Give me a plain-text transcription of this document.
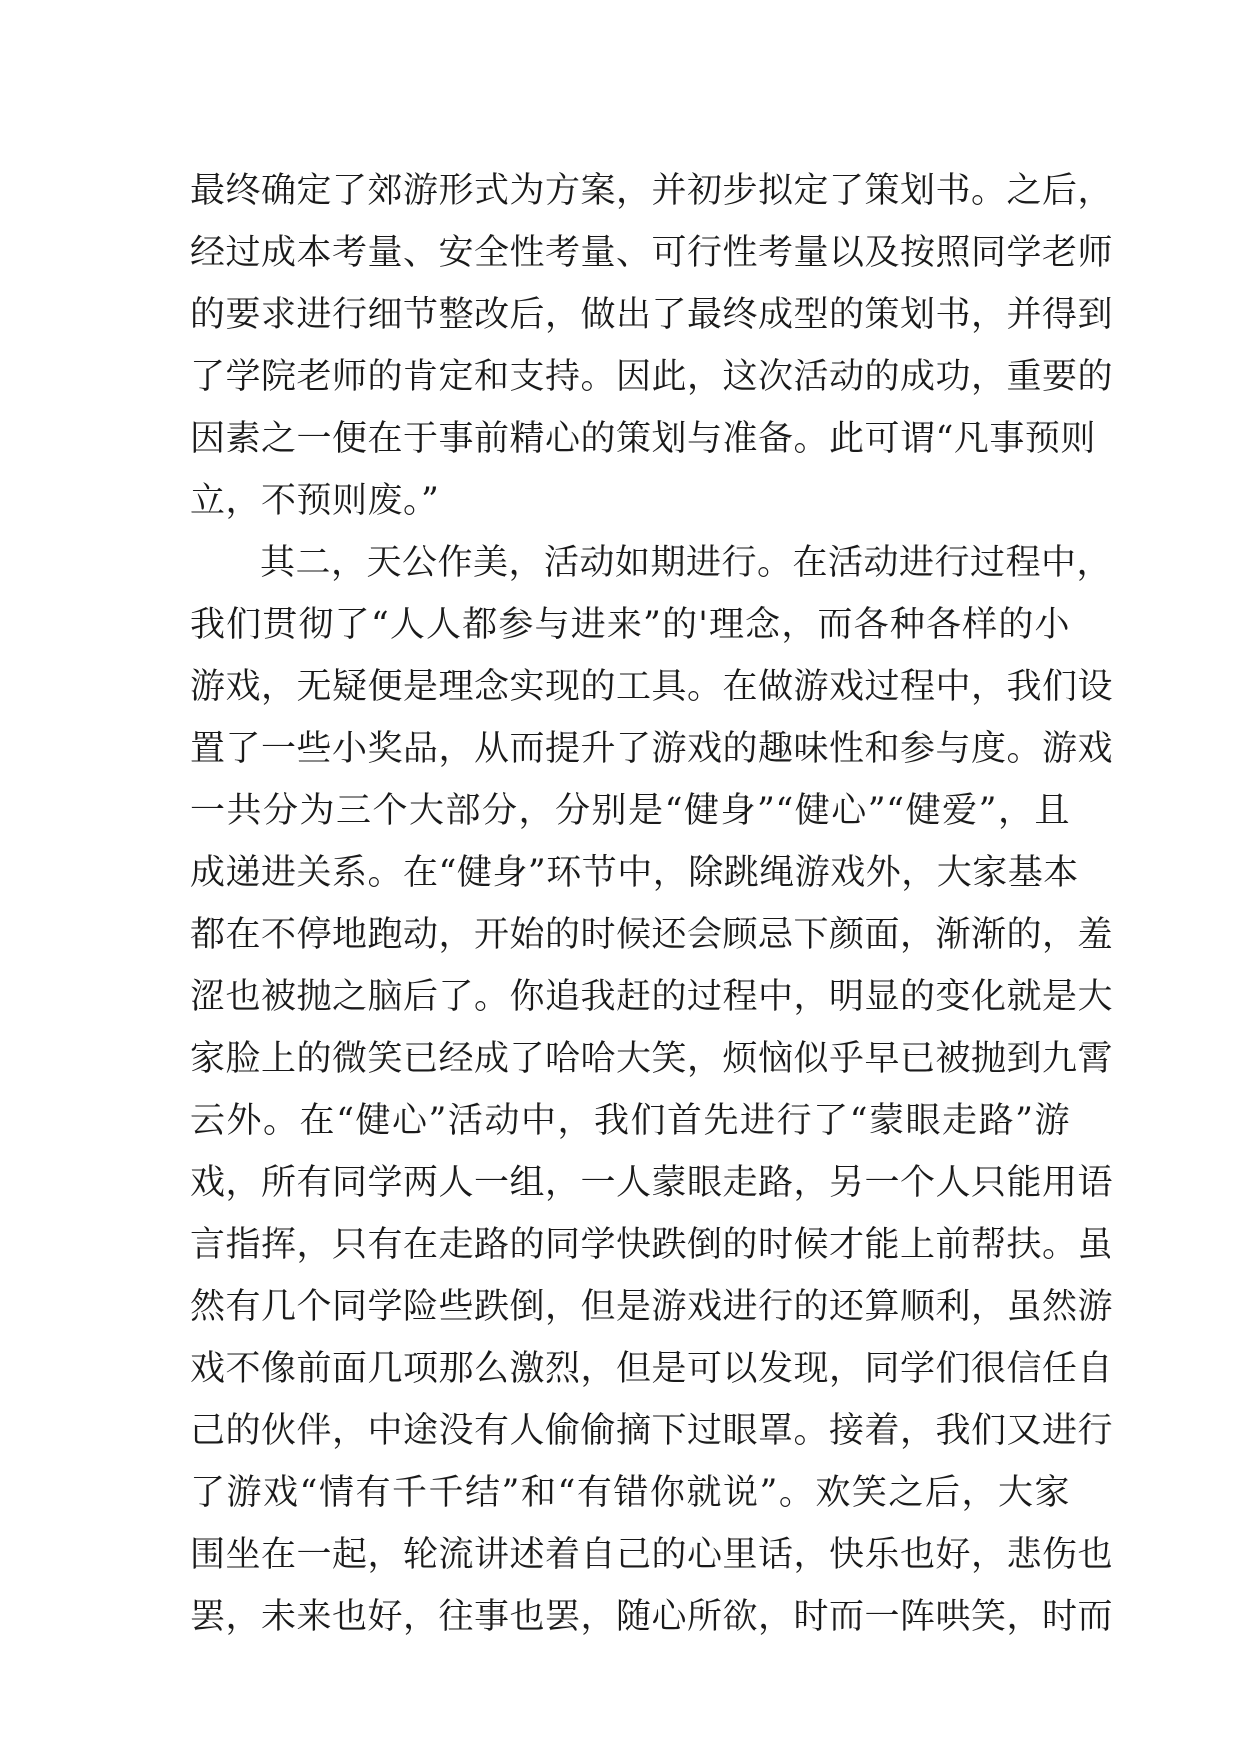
最终确定了郊游形式为方案，并初步拟定了策划书。之后，
经过成本考量、安全性考量、可行性考量以及按照同学老师
的要求进行细节整改后，做出了最终成型的策划书，并得到
了学院老师的肯定和支持。因此，这次活动的成功，重要的
因素之一便在于事前精心的策划与准备。此可谓“凡事预则
立，不预则废。”
其二，天公作美，活动如期进行。在活动进行过程中，
我们贯彻了“人人都参与进来”的'理念，而各种各样的小
游戏，无疑便是理念实现的工具。在做游戏过程中，我们设
置了一些小奖品，从而提升了游戏的趣味性和参与度。游戏
一共分为三个大部分，分别是“健身”“健心”“健爱”，且
成递进关系。在“健身”环节中，除跳绳游戏外，大家基本
都在不停地跑动，开始的时候还会顾忌下颜面，渐渐的，羞
涩也被抛之脑后了。你追我赶的过程中，明显的变化就是大
家脸上的微笑已经成了哈哈大笑，烦恼似乎早已被抛到九霄
云外。在“健心”活动中，我们首先进行了“蒙眼走路”游
戏，所有同学两人一组，一人蒙眼走路，另一个人只能用语
言指挥，只有在走路的同学快跌倒的时候才能上前帮扶。虽
然有几个同学险些跌倒，但是游戏进行的还算顺利，虽然游
戏不像前面几项那么激烈，但是可以发现，同学们很信任自
己的伙伴，中途没有人偷偷摘下过眼罩。接着，我们又进行
了游戏“情有千千结”和“有错你就说”。欢笑之后，大家
围坐在一起，轮流讲述着自己的心里话，快乐也好，悲伤也
罢，未来也好，往事也罢，随心所欲，时而一阵哄笑，时而
